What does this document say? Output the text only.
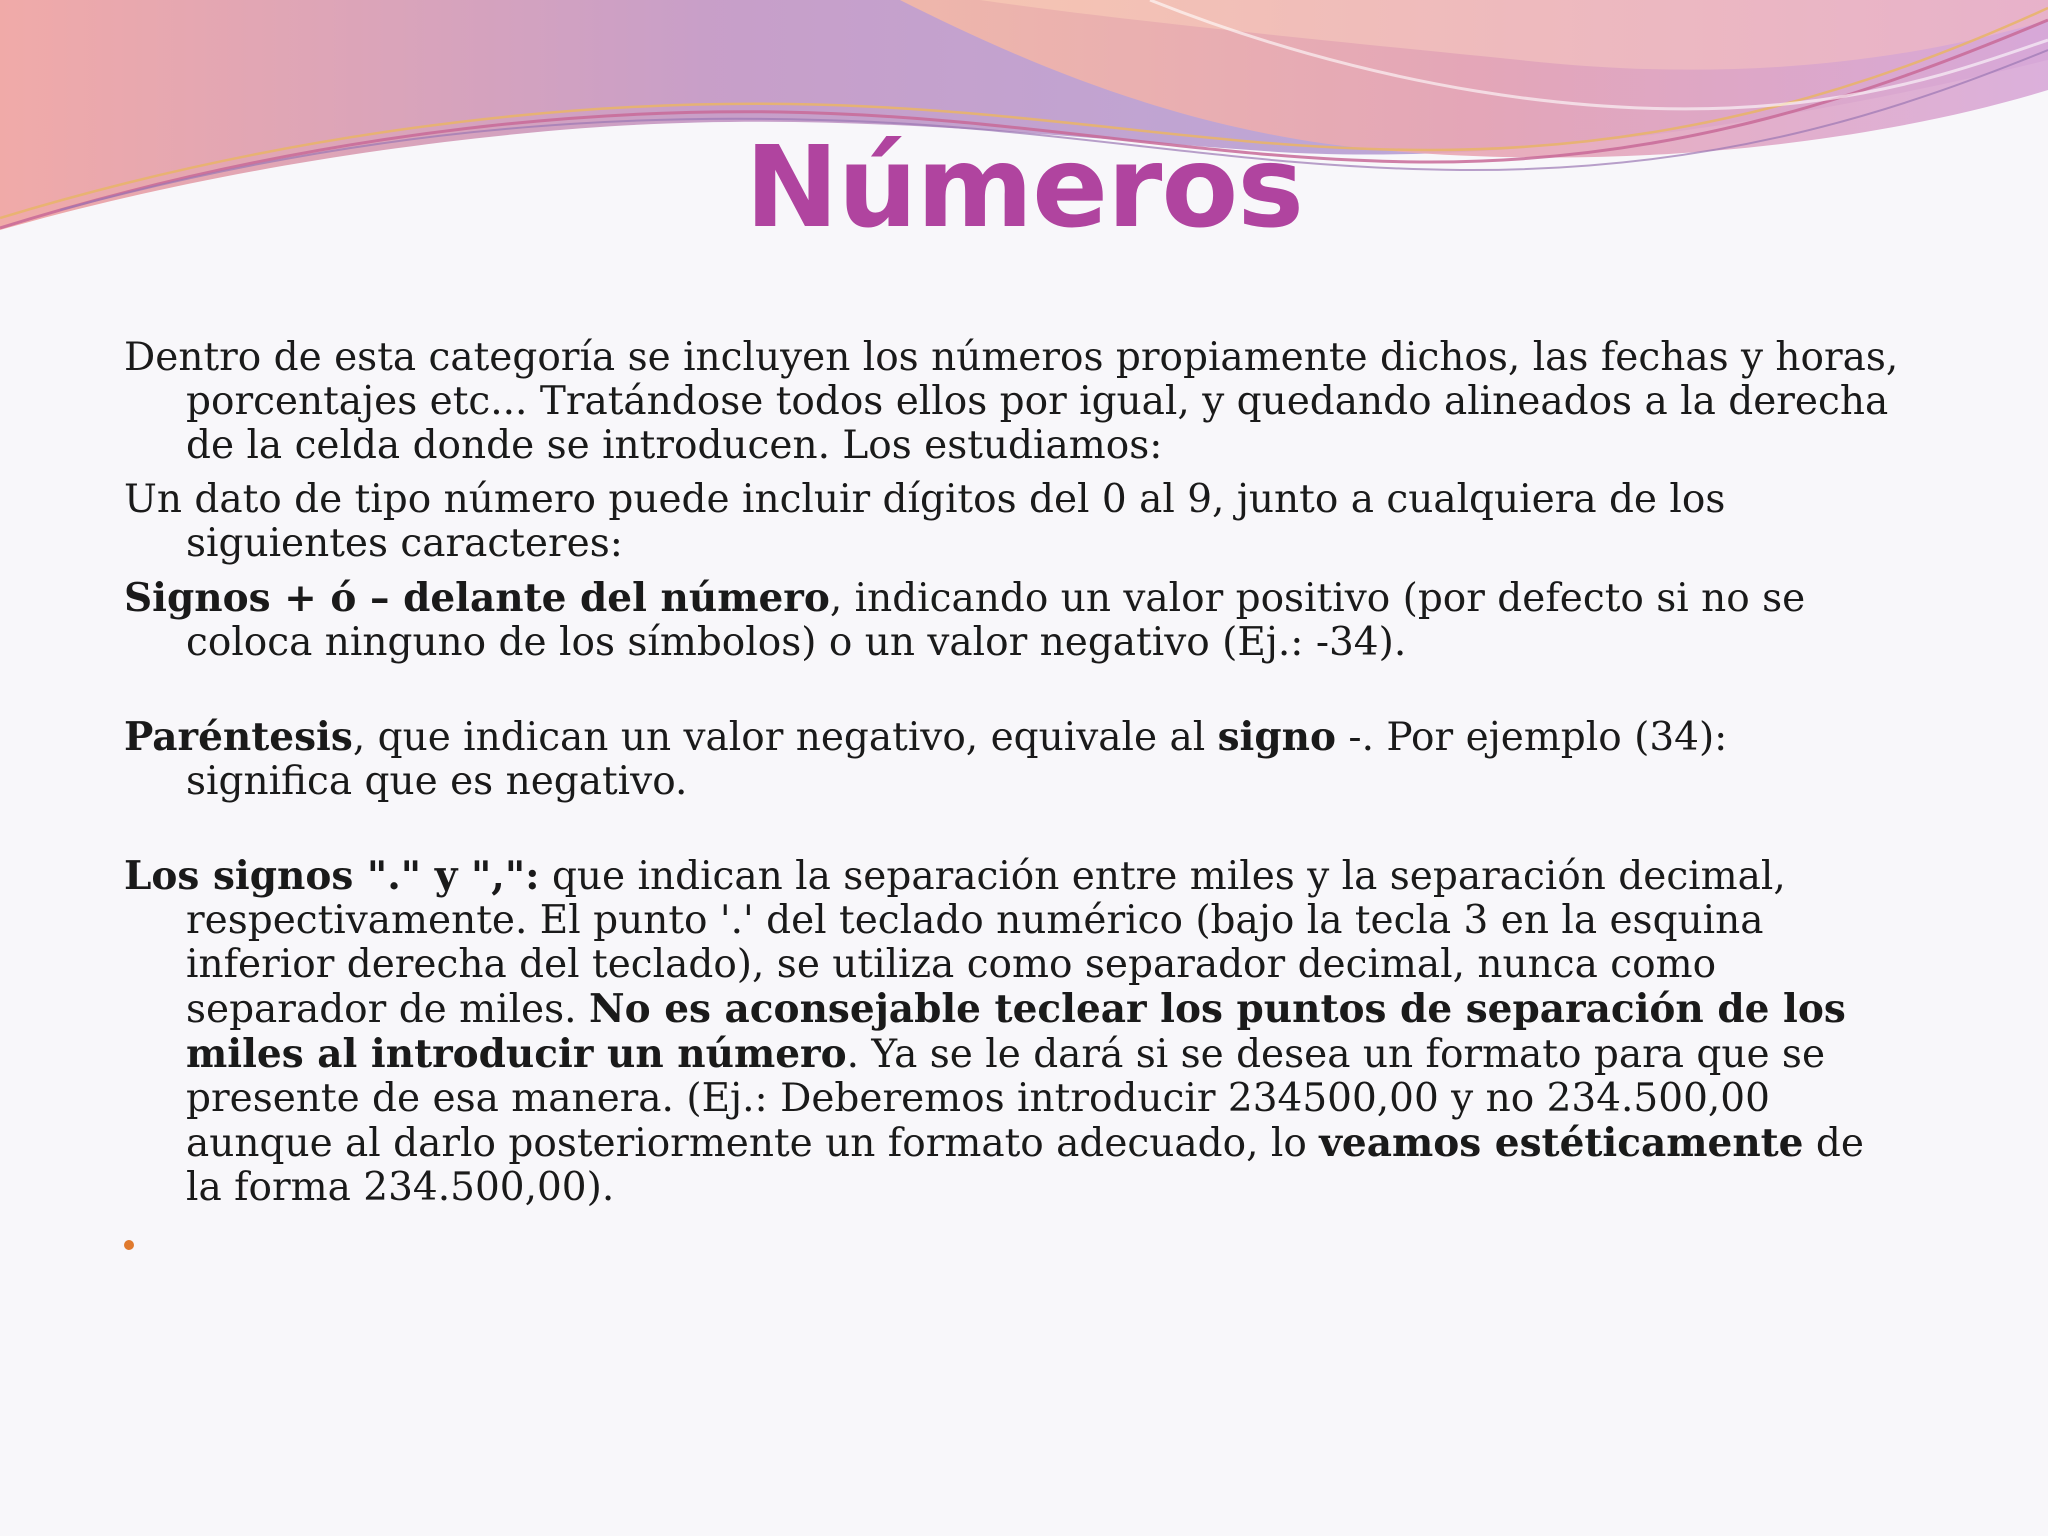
Números

Dentro de esta categoría se incluyen los números propiamente dichos, las fechas y horas, porcentajes etc... Tratándose todos ellos por igual, y quedando alineados a la derecha de la celda donde se introducen. Los estudiamos:

Un dato de tipo número puede incluir dígitos del 0 al 9, junto a cualquiera de los siguientes caracteres:

Signos + ó – delante del número, indicando un valor positivo (por defecto si no se coloca ninguno de los símbolos) o un valor negativo (Ej.: -34).

Paréntesis, que indican un valor negativo, equivale al signo -. Por ejemplo (34): significa que es negativo.

Los signos "." y ",": que indican la separación entre miles y la separación decimal, respectivamente. El punto '.' del teclado numérico (bajo la tecla 3 en la esquina inferior derecha del teclado), se utiliza como separador decimal, nunca como separador de miles. No es aconsejable teclear los puntos de separación de los miles al introducir un número. Ya se le dará si se desea un formato para que se presente de esa manera. (Ej.: Deberemos introducir 234500,00 y no 234.500,00 aunque al darlo posteriormente un formato adecuado, lo veamos estéticamente de la forma 234.500,00).
